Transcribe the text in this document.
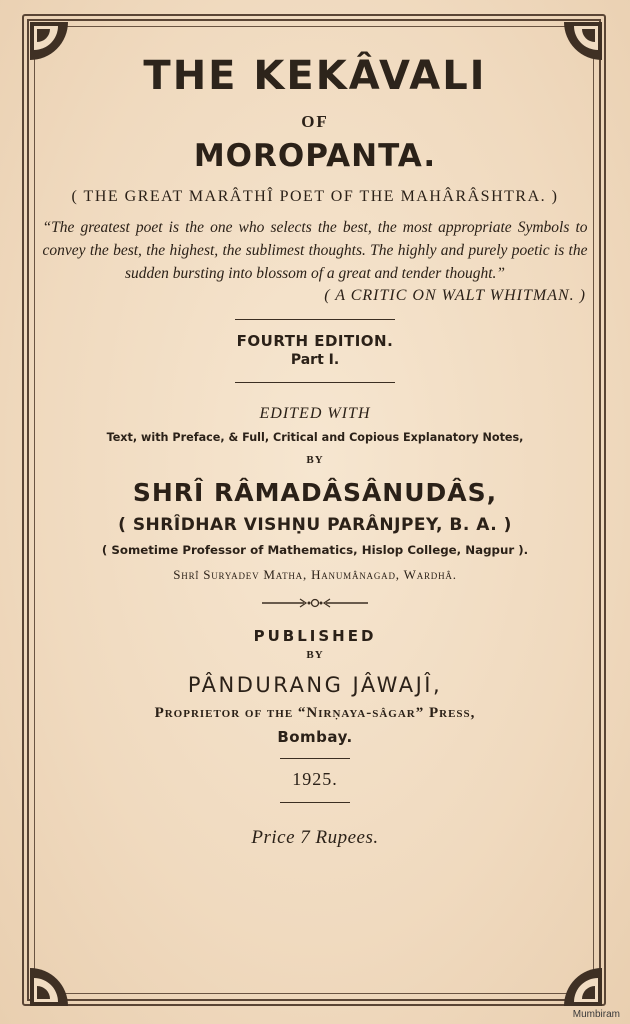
THE KEKÂVALI
OF
MOROPANTA.
( THE GREAT MARÂTHÎ POET OF THE MAHÂRÂSHTRA. )
“The greatest poet is the one who selects the best, the most appropriate Symbols to convey the best, the highest, the sublimest thoughts. The highly and purely poetic is the sudden bursting into blossom of a great and tender thought.”
( A CRITIC ON WALT WHITMAN. )
FOURTH EDITION.
Part I.
EDITED WITH
Text, with Preface, & Full, Critical and Copious Explanatory Notes,
BY
SHRÎ RÂMADÂSÂNUDÂS,
( SHRÎDHAR VISHṆU PARÂNJPEY, B. A. )
( Sometime Professor of Mathematics, Hislop College, Nagpur ).
Shrî Suryadev Matha, Hanumânagad, Wardhâ.
PUBLISHED
BY
PÂNDURANG JÂWAJÎ,
Proprietor of the “Nirṇaya-sâgar” Press,
Bombay.
1925.
Price 7 Rupees.
Mumbiram
